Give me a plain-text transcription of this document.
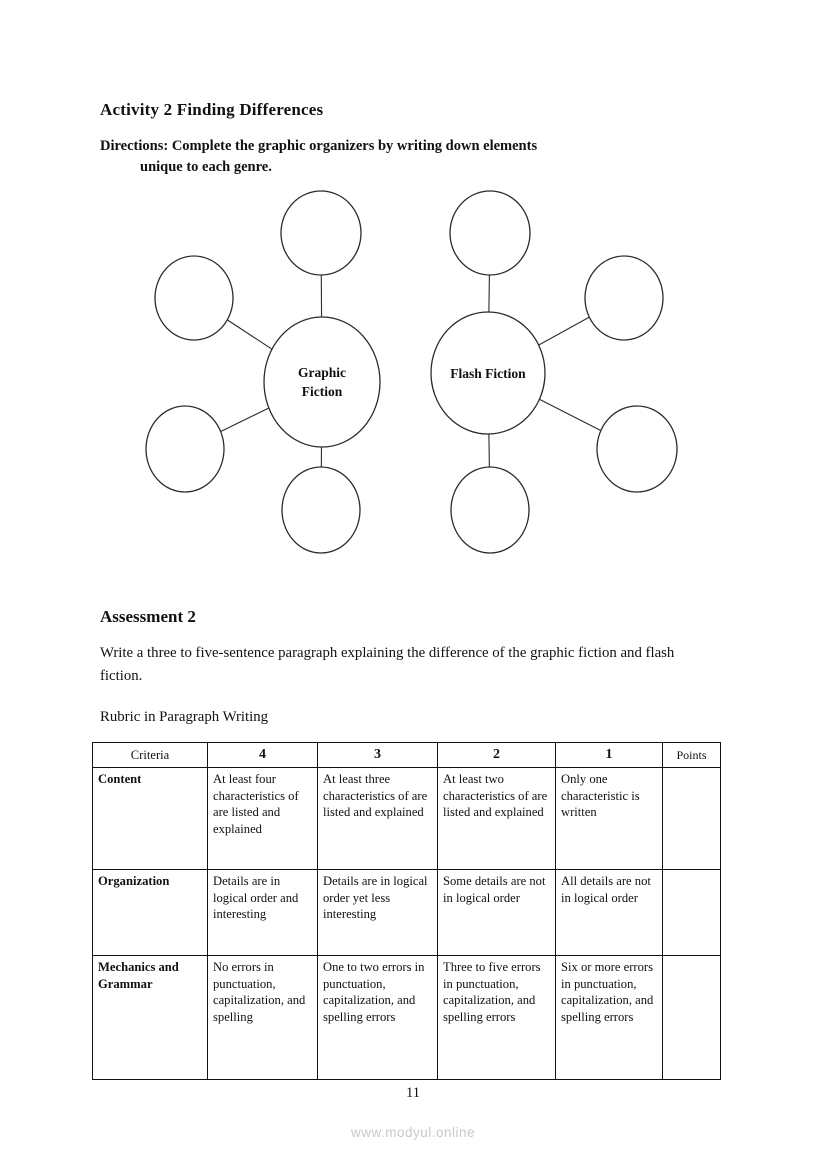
Activity 2 Finding Differences
Directions: Complete the graphic organizers by writing down elements
unique to each genre.
Graphic
Fiction
Flash Fiction
Assessment 2
Write a three to five-sentence paragraph explaining the difference of the graphic fiction and flash fiction.
Rubric in Paragraph Writing
Criteria	4	3	2	1	Points
Content	At least four characteristics of are listed and explained	At least three characteristics of are listed and explained	At least two characteristics of are listed and explained	Only one characteristic is written	
Organization	Details are in logical order and interesting	Details are in logical order yet less interesting	Some details are not in logical order	All details are not in logical order	
Mechanics and Grammar	No errors in punctuation, capitalization, and spelling	One to two errors in punctuation, capitalization, and spelling errors	Three to five errors in punctuation, capitalization, and spelling errors	Six or more errors in punctuation, capitalization, and spelling errors	
11
www.modyul.online
